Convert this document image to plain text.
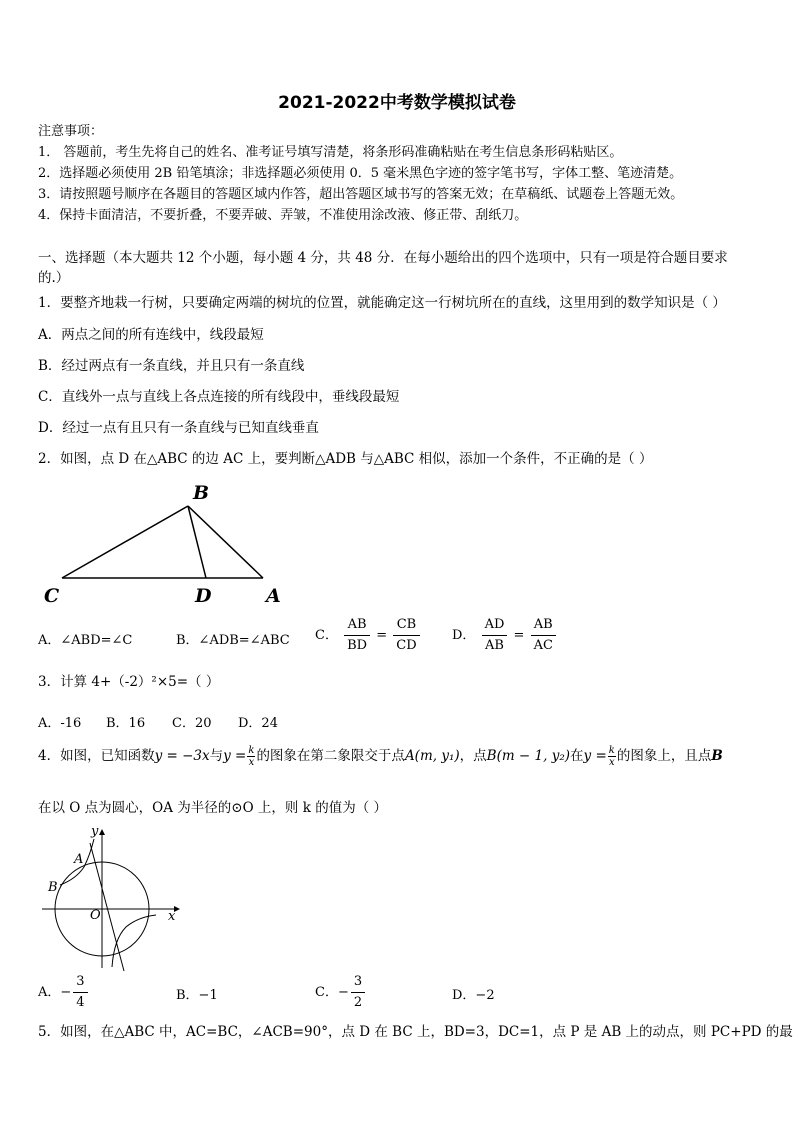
2021-2022中考数学模拟试卷
注意事项：
1． 答题前，考生先将自己的姓名、准考证号填写清楚，将条形码准确粘贴在考生信息条形码粘贴区。
2．选择题必须使用 2B 铅笔填涂；非选择题必须使用 0．5 毫米黑色字迹的签字笔书写，字体工整、笔迹清楚。
3．请按照题号顺序在各题目的答题区域内作答，超出答题区域书写的答案无效；在草稿纸、试题卷上答题无效。
4．保持卡面清洁，不要折叠，不要弄破、弄皱，不准使用涂改液、修正带、刮纸刀。
一、选择题（本大题共 12 个小题，每小题 4 分，共 48 分．在每小题给出的四个选项中，只有一项是符合题目要求
的.）
1．要整齐地栽一行树，只要确定两端的树坑的位置，就能确定这一行树坑所在的直线，这里用到的数学知识是（ ）
A．两点之间的所有连线中，线段最短
B．经过两点有一条直线，并且只有一条直线
C．直线外一点与直线上各点连接的所有线段中，垂线段最短
D．经过一点有且只有一条直线与已知直线垂直
2．如图，点 D 在△ABC 的边 AC 上，要判断△ADB 与△ABC 相似，添加一个条件，不正确的是（ ）
B
C	D	A
A．∠ABD=∠C	B．∠ADB=∠ABC C． $\frac{AB}{BD} = \frac{CB}{CD}$ D． $\frac{AD}{AB} = \frac{AB}{AC}$
3．计算 4+（-2）²×5=（ ）
A．-16 B．16 C．20 D．24
4．如图，已知函数y = −3x与$y = \frac{k}{x}$ 的图象在第二象限交于点A(m, y₁)，点B(m − 1, y₂)在$y = \frac{k}{x}$ 的图象上，且点B
在以 O 点为圆心，OA 为半径的⊙O 上，则 k 的值为（ ）
y
x
O
A
B
A．− $\frac{3}{4}$	B．−1	C．− $\frac{3}{2}$	D．−2
5．如图，在△ABC 中，AC=BC，∠ACB=90°，点 D 在 BC 上，BD=3，DC=1，点 P 是 AB 上的动点，则 PC+PD 的最
